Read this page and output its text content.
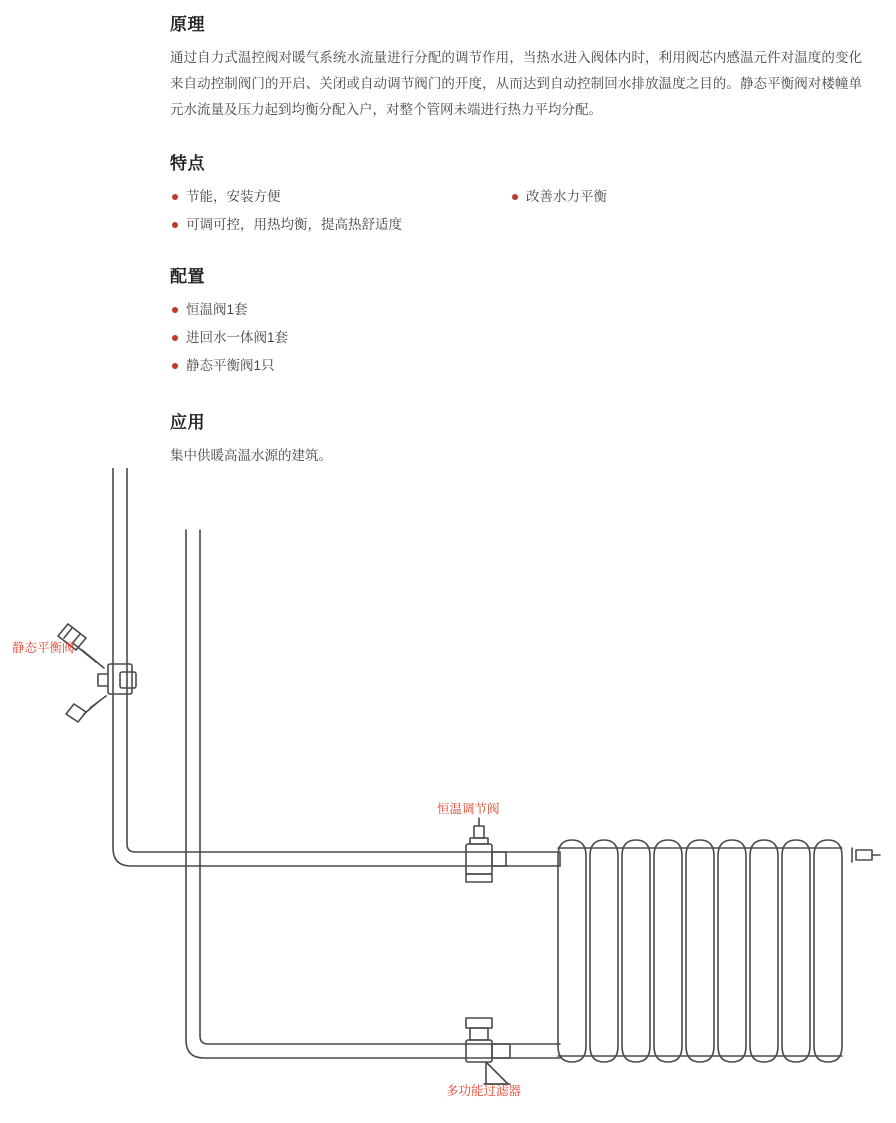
原理

通过自力式温控阀对暖气系统水流量进行分配的调节作用，当热水进入阀体内时，利用阀芯内感温元件对温度的变化来自动控制阀门的开启、关闭或自动调节阀门的开度，从而达到自动控制回水排放温度之目的。静态平衡阀对楼幢单元水流量及压力起到均衡分配入户，对整个管网未端进行热力平均分配。

特点
节能，安装方便
可调可控，用热均衡，提高热舒适度
改善水力平衡
配置
恒温阀1套
进回水一体阀1套
静态平衡阀1只
应用

集中供暖高温水源的建筑。

静态平衡阀
恒温调节阀
多功能过滤器
